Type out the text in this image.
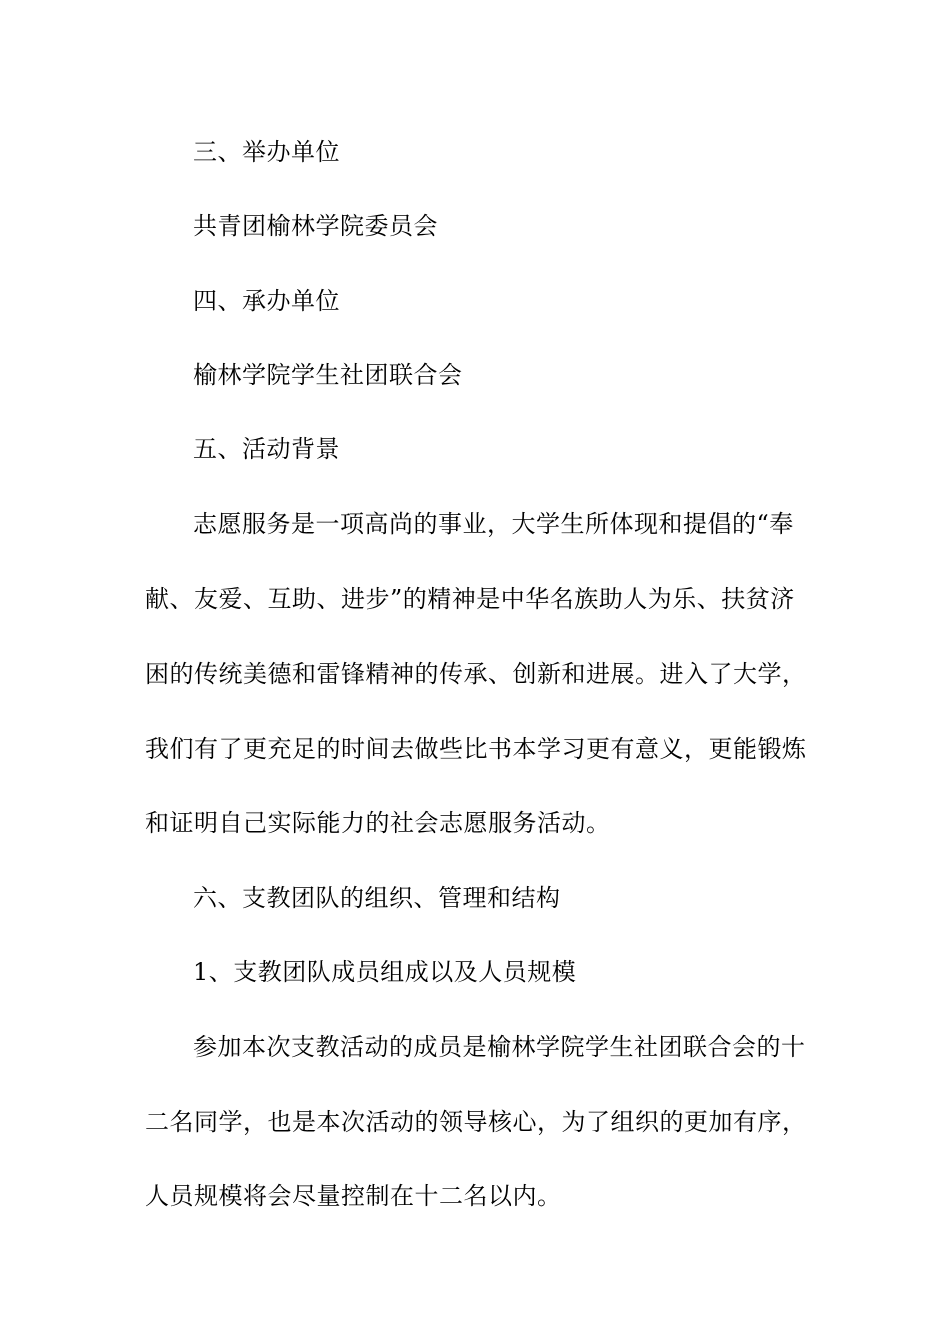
三、举办单位
共青团榆林学院委员会
四、承办单位
榆林学院学生社团联合会
五、活动背景
志愿服务是一项高尚的事业，大学生所体现和提倡的“奉
献、友爱、互助、进步”的精神是中华名族助人为乐、扶贫济
困的传统美德和雷锋精神的传承、创新和进展。进入了大学，
我们有了更充足的时间去做些比书本学习更有意义，更能锻炼
和证明自己实际能力的社会志愿服务活动。
六、支教团队的组织、管理和结构
1、支教团队成员组成以及人员规模
参加本次支教活动的成员是榆林学院学生社团联合会的十
二名同学，也是本次活动的领导核心，为了组织的更加有序，
人员规模将会尽量控制在十二名以内。
